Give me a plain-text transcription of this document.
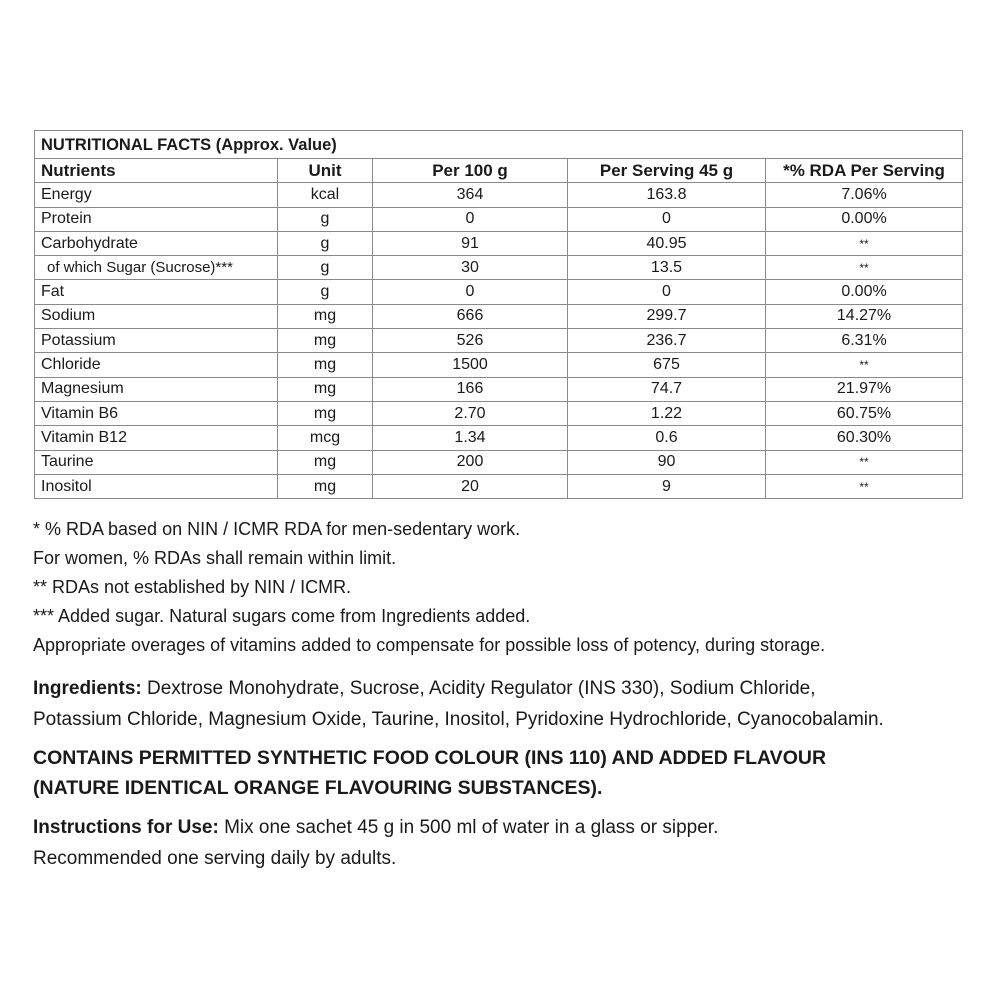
NUTRITIONAL FACTS (Approx. Value)				
Nutrients	Unit	Per 100 g	Per Serving 45 g	*% RDA Per Serving
Energy	kcal	364	163.8	7.06%
Protein	g	0	0	0.00%
Carbohydrate	g	91	40.95	**
of which Sugar (Sucrose)***	g	30	13.5	**
Fat	g	0	0	0.00%
Sodium	mg	666	299.7	14.27%
Potassium	mg	526	236.7	6.31%
Chloride	mg	1500	675	**
Magnesium	mg	166	74.7	21.97%
Vitamin B6	mg	2.70	1.22	60.75%
Vitamin B12	mcg	1.34	0.6	60.30%
Taurine	mg	200	90	**
Inositol	mg	20	9	**

* % RDA based on NIN / ICMR RDA for men-sedentary work.

For women, % RDAs shall remain within limit.

** RDAs not established by NIN / ICMR.

*** Added sugar. Natural sugars come from Ingredients added.

Appropriate overages of vitamins added to compensate for possible loss of potency, during storage.

Ingredients: Dextrose Monohydrate, Sucrose, Acidity Regulator (INS 330), Sodium Chloride,

Potassium Chloride, Magnesium Oxide, Taurine, Inositol, Pyridoxine Hydrochloride, Cyanocobalamin.

CONTAINS PERMITTED SYNTHETIC FOOD COLOUR (INS 110) AND ADDED FLAVOUR

(NATURE IDENTICAL ORANGE FLAVOURING SUBSTANCES).

Instructions for Use: Mix one sachet 45 g in 500 ml of water in a glass or sipper.

Recommended one serving daily by adults.
